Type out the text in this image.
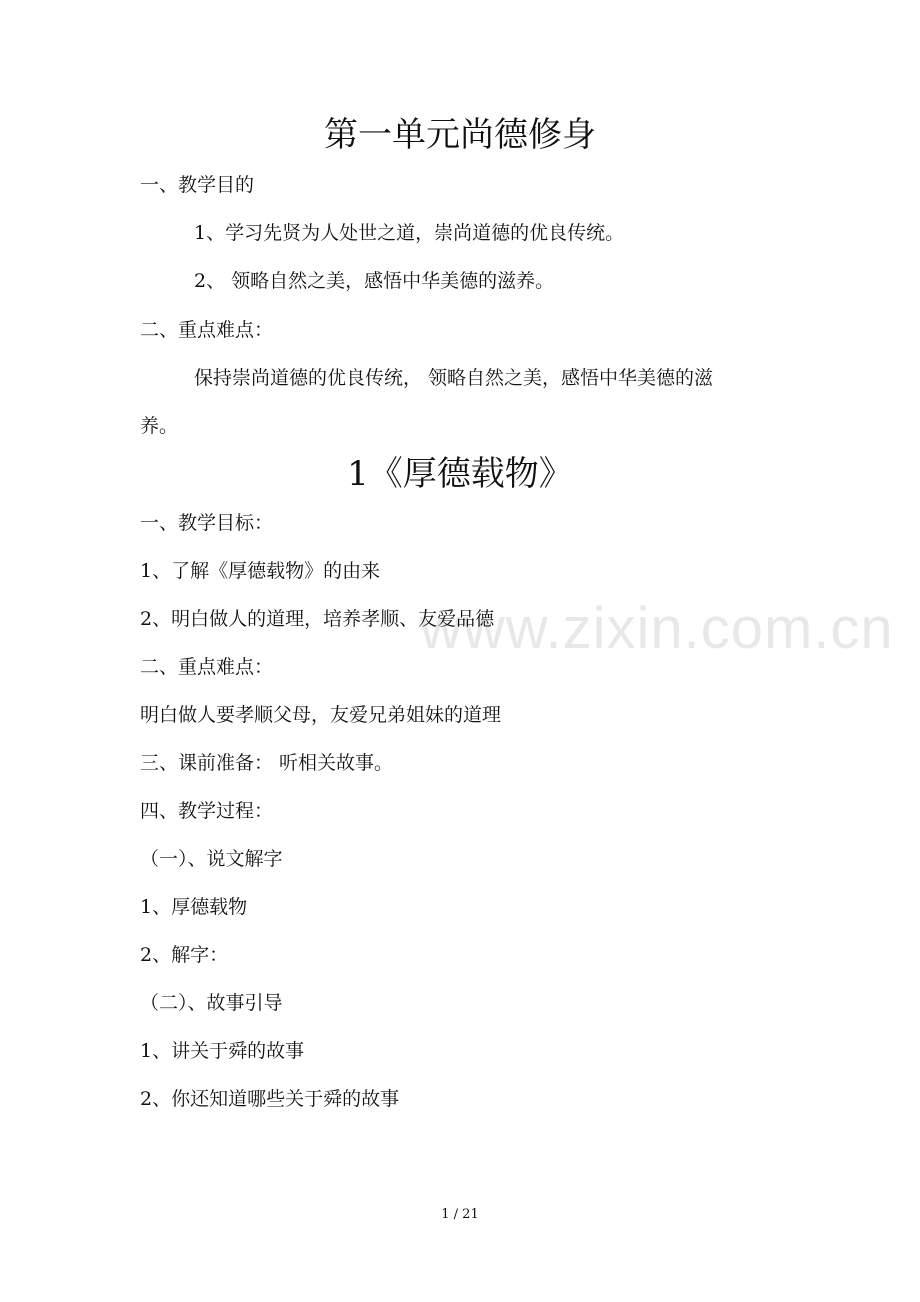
第一单元尚德修身
一、教学目的
1、学习先贤为人处世之道，崇尚道德的优良传统。
2、 领略自然之美，感悟中华美德的滋养。
二、重点难点：
保持崇尚道德的优良传统， 领略自然之美，感悟中华美德的滋
养。
1《厚德载物》
一、教学目标：
1、了解《厚德载物》的由来
2、明白做人的道理，培养孝顺、友爱品德
二、重点难点：
明白做人要孝顺父母，友爱兄弟姐妹的道理
三、课前准备： 听相关故事。
四、教学过程：
（一）、说文解字
1、厚德载物
2、解字：
（二）、故事引导
1、讲关于舜的故事
2、你还知道哪些关于舜的故事
www.zixin.com.cn
1 / 21
